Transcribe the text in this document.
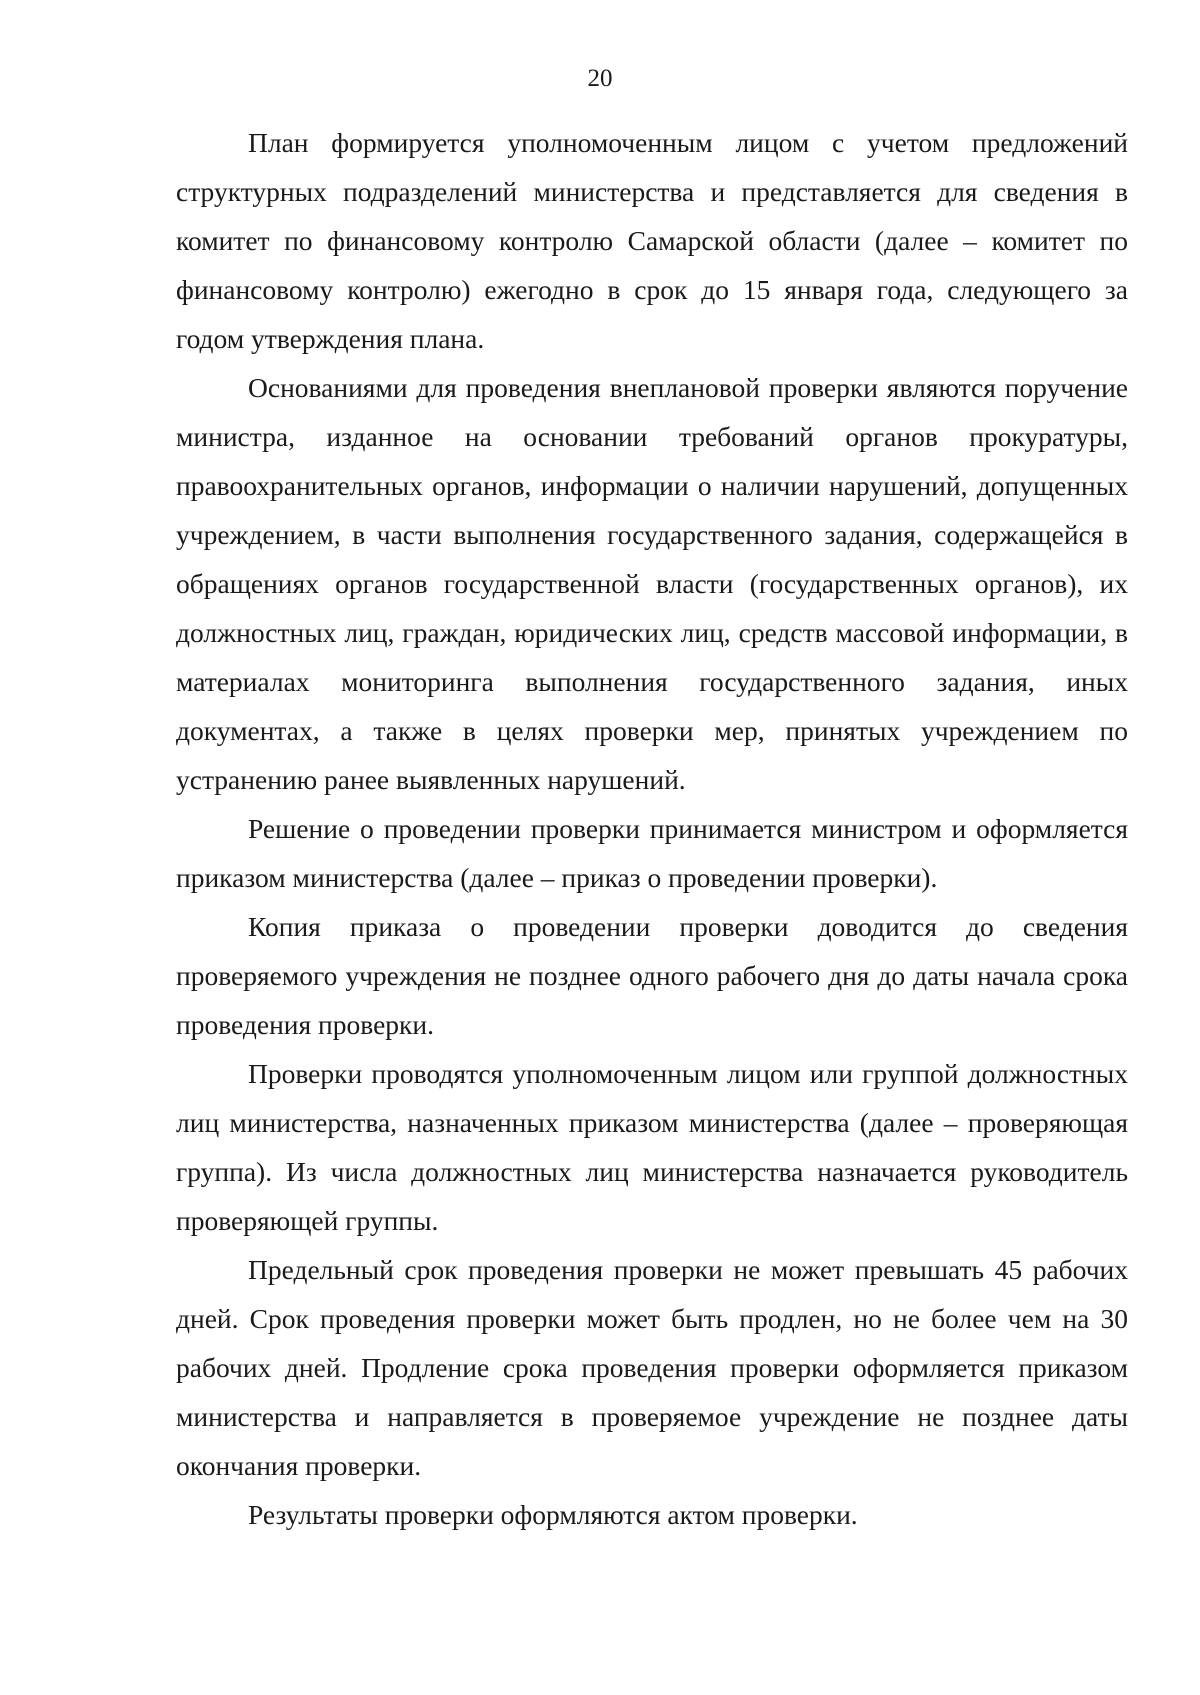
20

План формируется уполномоченным лицом с учетом предложений структурных подразделений министерства и представляется для сведения в комитет по финансовому контролю Самарской области (далее – комитет по финансовому контролю) ежегодно в срок до 15 января года, следующего за годом утверждения плана.

Основаниями для проведения внеплановой проверки являются поручение министра, изданное на основании требований органов прокуратуры, правоохранительных органов, информации о наличии нарушений, допущенных учреждением, в части выполнения государственного задания, содержащейся в обращениях органов государственной власти (государственных органов), их должностных лиц, граждан, юридических лиц, средств массовой информации, в материалах мониторинга выполнения государственного задания, иных документах, а также в целях проверки мер, принятых учреждением по устранению ранее выявленных нарушений.

Решение о проведении проверки принимается министром и оформляется приказом министерства (далее – приказ о проведении проверки).

Копия приказа о проведении проверки доводится до сведения проверяемого учреждения не позднее одного рабочего дня до даты начала срока проведения проверки.

Проверки проводятся уполномоченным лицом или группой должностных лиц министерства, назначенных приказом министерства (далее – проверяющая группа). Из числа должностных лиц министерства назначается руководитель проверяющей группы.

Предельный срок проведения проверки не может превышать 45 рабочих дней. Срок проведения проверки может быть продлен, но не более чем на 30 рабочих дней. Продление срока проведения проверки оформляется приказом министерства и направляется в проверяемое учреждение не позднее даты окончания проверки.

Результаты проверки оформляются актом проверки.
